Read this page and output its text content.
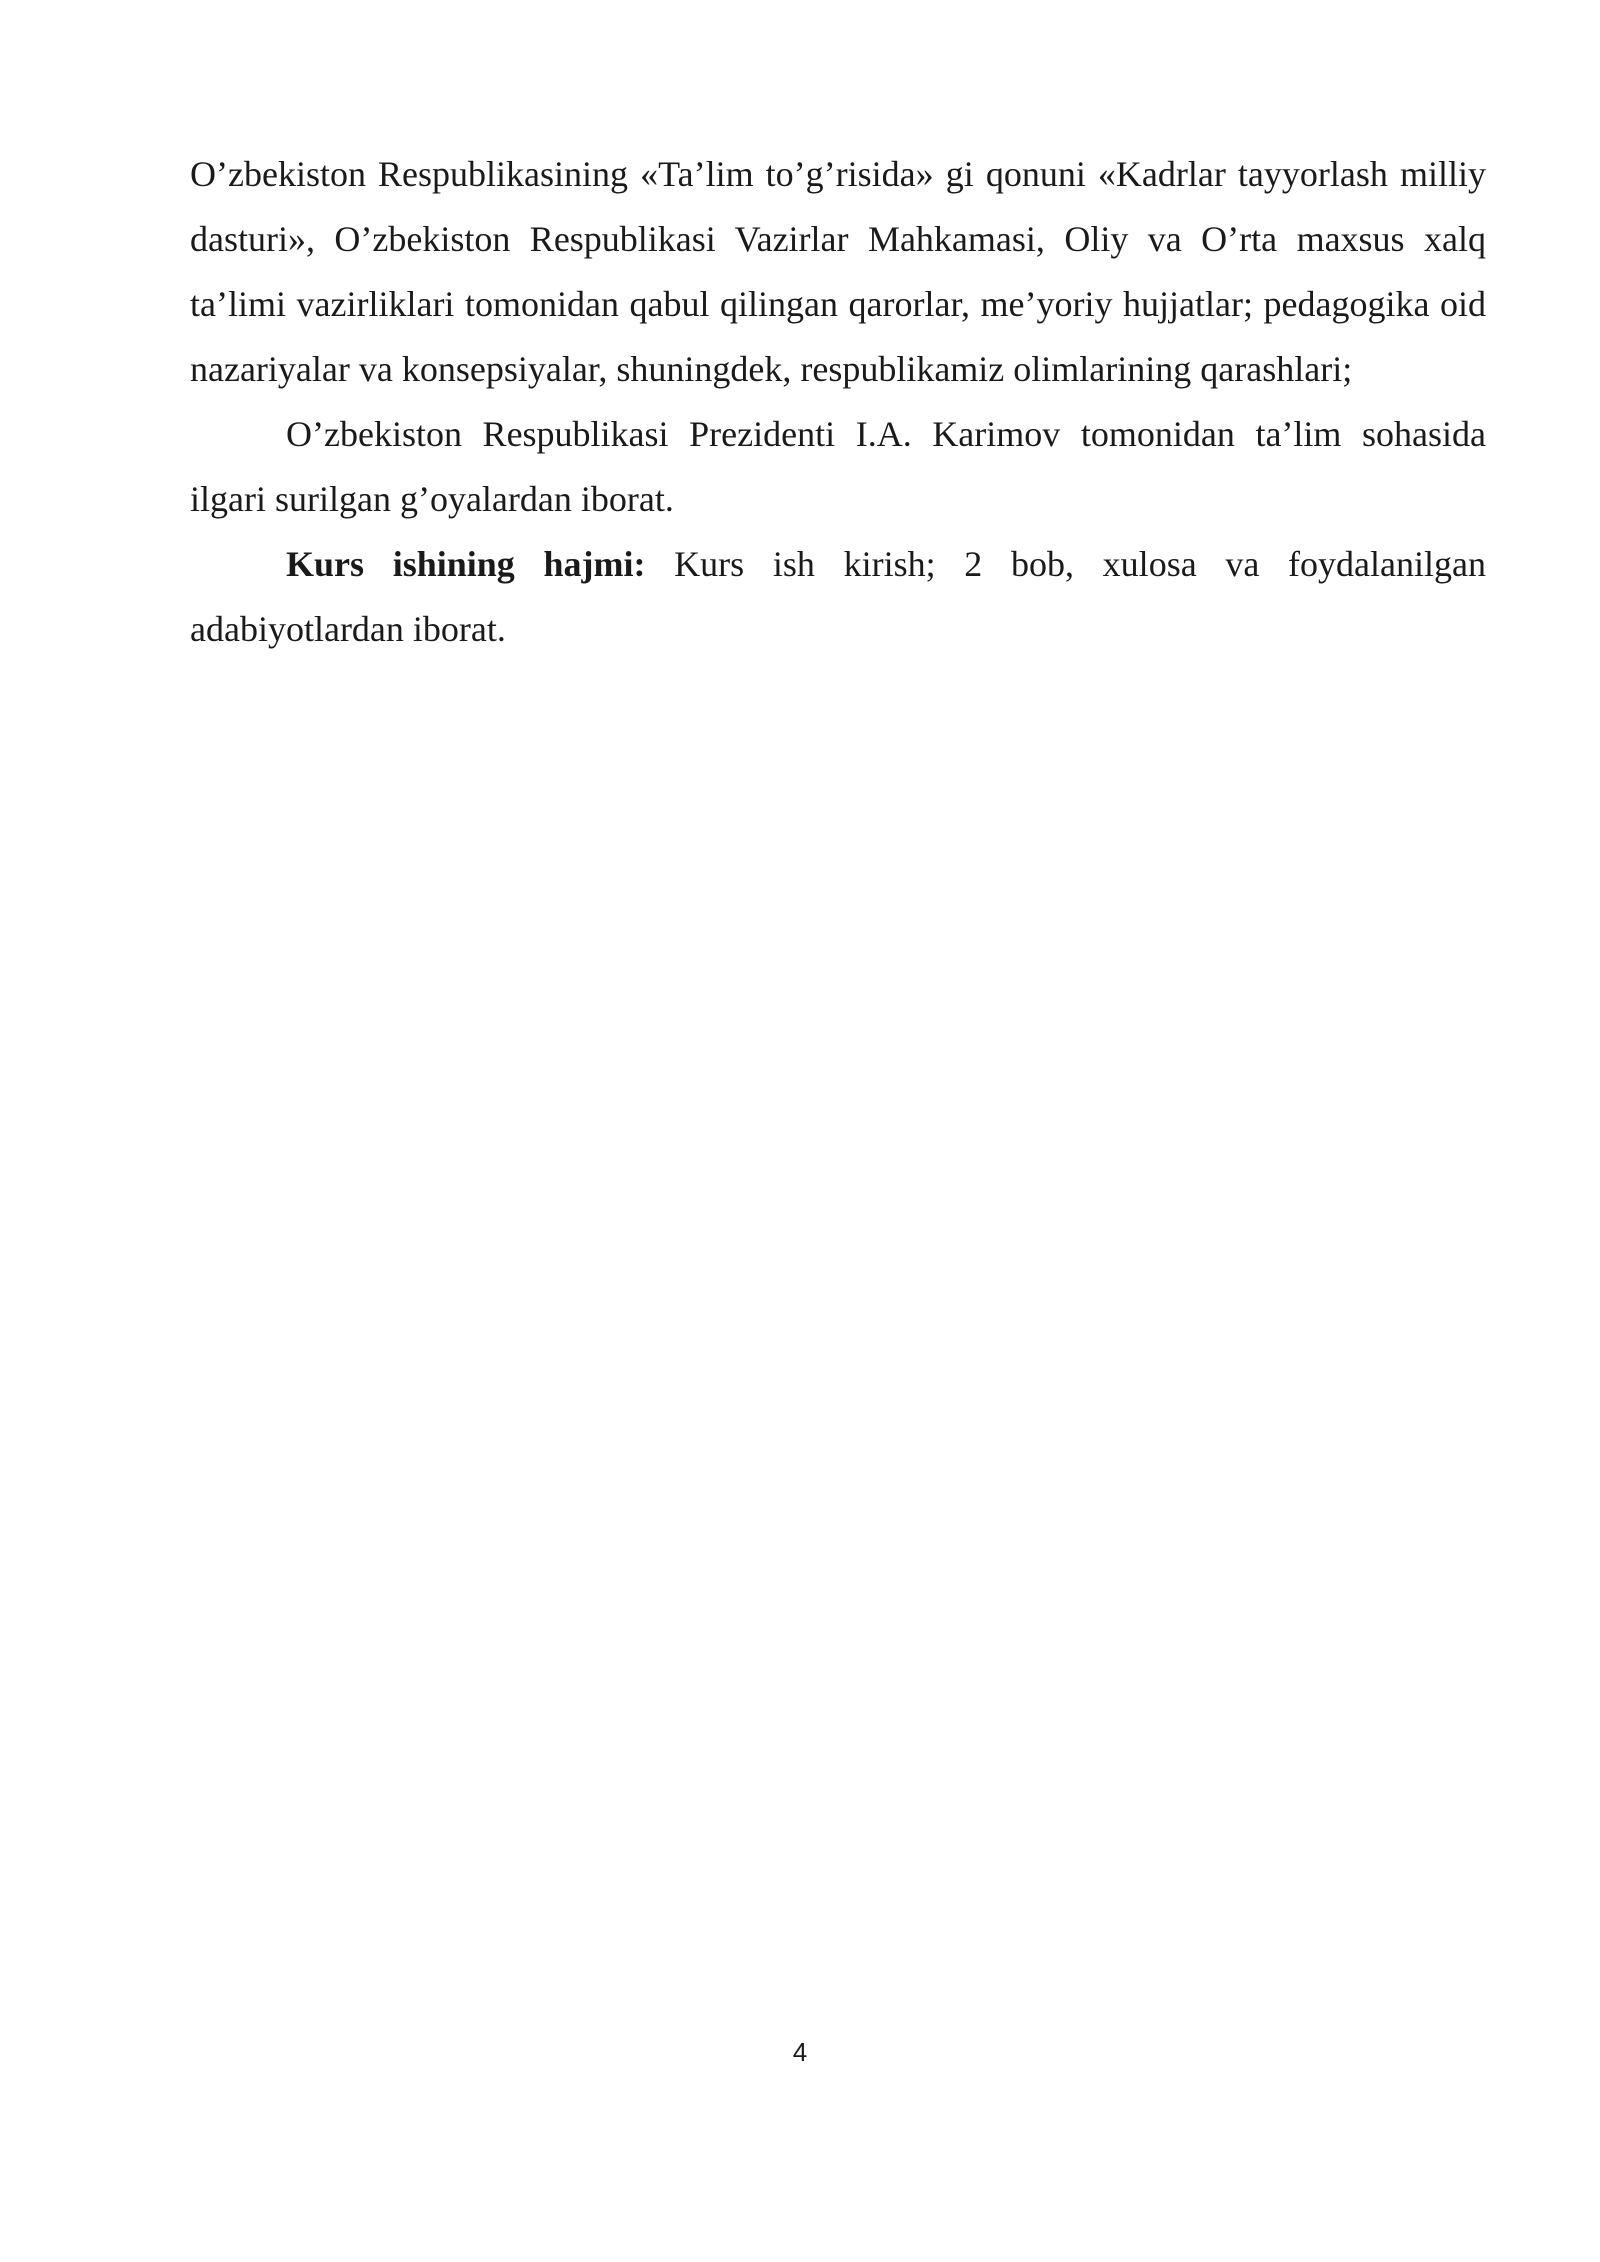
O’zbekiston Respublikasining «Ta’lim to’g’risida» gi qonuni «Kadrlar tayyorlash milliy dasturi», O’zbekiston Respublikasi Vazirlar Mahkamasi, Oliy va O’rta maxsus xalq ta’limi vazirliklari tomonidan qabul qilingan qarorlar, me’yoriy hujjatlar; pedagogika oid nazariyalar va konsepsiyalar, shuningdek, respublikamiz olimlarining qarashlari;

O’zbekiston Respublikasi Prezidenti I.A. Karimov tomonidan ta’lim sohasida ilgari surilgan g’oyalardan iborat.

Kurs ishining hajmi: Kurs ish kirish; 2 bob, xulosa va foydalanilgan adabiyotlardan iborat.

4
